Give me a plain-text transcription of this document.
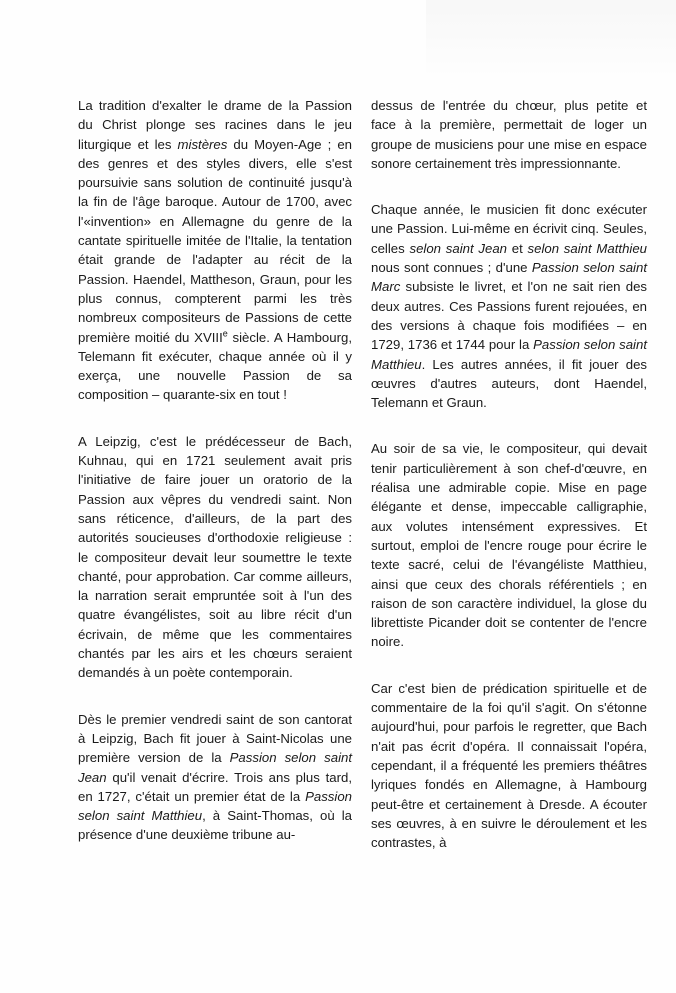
La tradition d'exalter le drame de la Passion du Christ plonge ses racines dans le jeu liturgique et les mistères du Moyen-Age ; en des genres et des styles divers, elle s'est poursuivie sans solution de continuité jusqu'à la fin de l'âge baroque. Autour de 1700, avec l'«invention» en Allemagne du genre de la cantate spirituelle imitée de l'Italie, la tentation était grande de l'adapter au récit de la Passion. Haendel, Mattheson, Graun, pour les plus connus, compterent parmi les très nombreux compositeurs de Passions de cette première moitié du XVIIIe siècle. A Hambourg, Telemann fit exécuter, chaque année où il y exerça, une nouvelle Passion de sa composition – quarante-six en tout !

A Leipzig, c'est le prédécesseur de Bach, Kuhnau, qui en 1721 seulement avait pris l'initiative de faire jouer un oratorio de la Passion aux vêpres du vendredi saint. Non sans réticence, d'ailleurs, de la part des autorités soucieuses d'orthodoxie religieuse : le compositeur devait leur soumettre le texte chanté, pour approbation. Car comme ailleurs, la narration serait empruntée soit à l'un des quatre évangélistes, soit au libre récit d'un écrivain, de même que les commentaires chantés par les airs et les chœurs seraient demandés à un poète contemporain.

Dès le premier vendredi saint de son cantorat à Leipzig, Bach fit jouer à Saint-Nicolas une première version de la Passion selon saint Jean qu'il venait d'écrire. Trois ans plus tard, en 1727, c'était un premier état de la Passion selon saint Matthieu, à Saint-Thomas, où la présence d'une deuxième tribune au-

dessus de l'entrée du chœur, plus petite et face à la première, permettait de loger un groupe de musiciens pour une mise en espace sonore certainement très impressionnante.

Chaque année, le musicien fit donc exécuter une Passion. Lui-même en écrivit cinq. Seules, celles selon saint Jean et selon saint Matthieu nous sont connues ; d'une Passion selon saint Marc subsiste le livret, et l'on ne sait rien des deux autres. Ces Passions furent rejouées, en des versions à chaque fois modifiées – en 1729, 1736 et 1744 pour la Passion selon saint Matthieu. Les autres années, il fit jouer des œuvres d'autres auteurs, dont Haendel, Telemann et Graun.

Au soir de sa vie, le compositeur, qui devait tenir particulièrement à son chef-d'œuvre, en réalisa une admirable copie. Mise en page élégante et dense, impeccable calligraphie, aux volutes intensément expressives. Et surtout, emploi de l'encre rouge pour écrire le texte sacré, celui de l'évangéliste Matthieu, ainsi que ceux des chorals référentiels ; en raison de son caractère individuel, la glose du librettiste Picander doit se contenter de l'encre noire.

Car c'est bien de prédication spirituelle et de commentaire de la foi qu'il s'agit. On s'étonne aujourd'hui, pour parfois le regretter, que Bach n'ait pas écrit d'opéra. Il connaissait l'opéra, cependant, il a fréquenté les premiers théâtres lyriques fondés en Allemagne, à Hambourg peut-être et certainement à Dresde. A écouter ses œuvres, à en suivre le déroulement et les contrastes, à
